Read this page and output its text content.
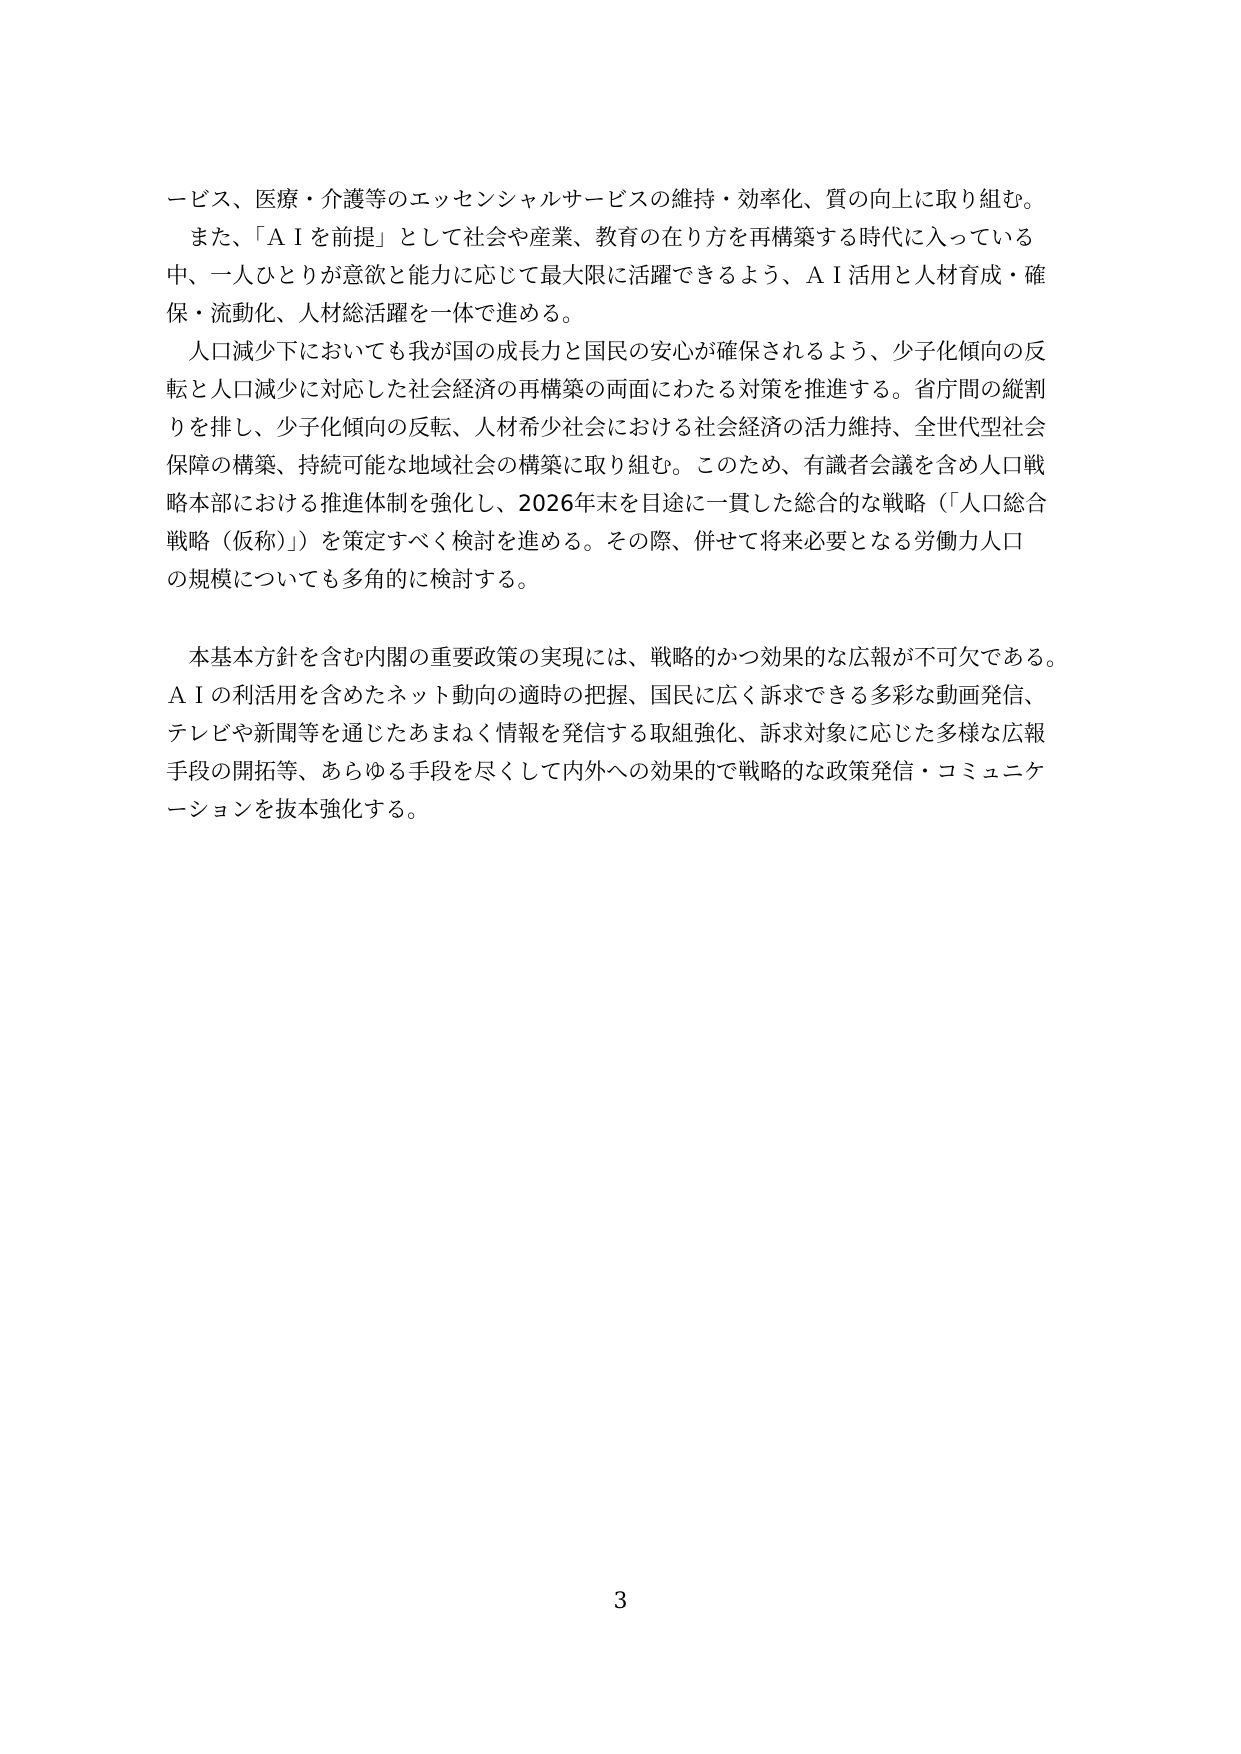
ービス、医療・介護等のエッセンシャルサービスの維持・効率化、質の向上に取り組む。
　また、「ＡＩを前提」として社会や産業、教育の在り方を再構築する時代に入っている
中、一人ひとりが意欲と能力に応じて最大限に活躍できるよう、ＡＩ活用と人材育成・確
保・流動化、人材総活躍を一体で進める。
　人口減少下においても我が国の成長力と国民の安心が確保されるよう、少子化傾向の反
転と人口減少に対応した社会経済の再構築の両面にわたる対策を推進する。省庁間の縦割
りを排し、少子化傾向の反転、人材希少社会における社会経済の活力維持、全世代型社会
保障の構築、持続可能な地域社会の構築に取り組む。このため、有識者会議を含め人口戦
略本部における推進体制を強化し、2026年末を目途に一貫した総合的な戦略（「人口総合
戦略（仮称）」）を策定すべく検討を進める。その際、併せて将来必要となる労働力人口
の規模についても多角的に検討する。
　本基本方針を含む内閣の重要政策の実現には、戦略的かつ効果的な広報が不可欠である。
ＡＩの利活用を含めたネット動向の適時の把握、国民に広く訴求できる多彩な動画発信、
テレビや新聞等を通じたあまねく情報を発信する取組強化、訴求対象に応じた多様な広報
手段の開拓等、あらゆる手段を尽くして内外への効果的で戦略的な政策発信・コミュニケ
ーションを抜本強化する。
3
